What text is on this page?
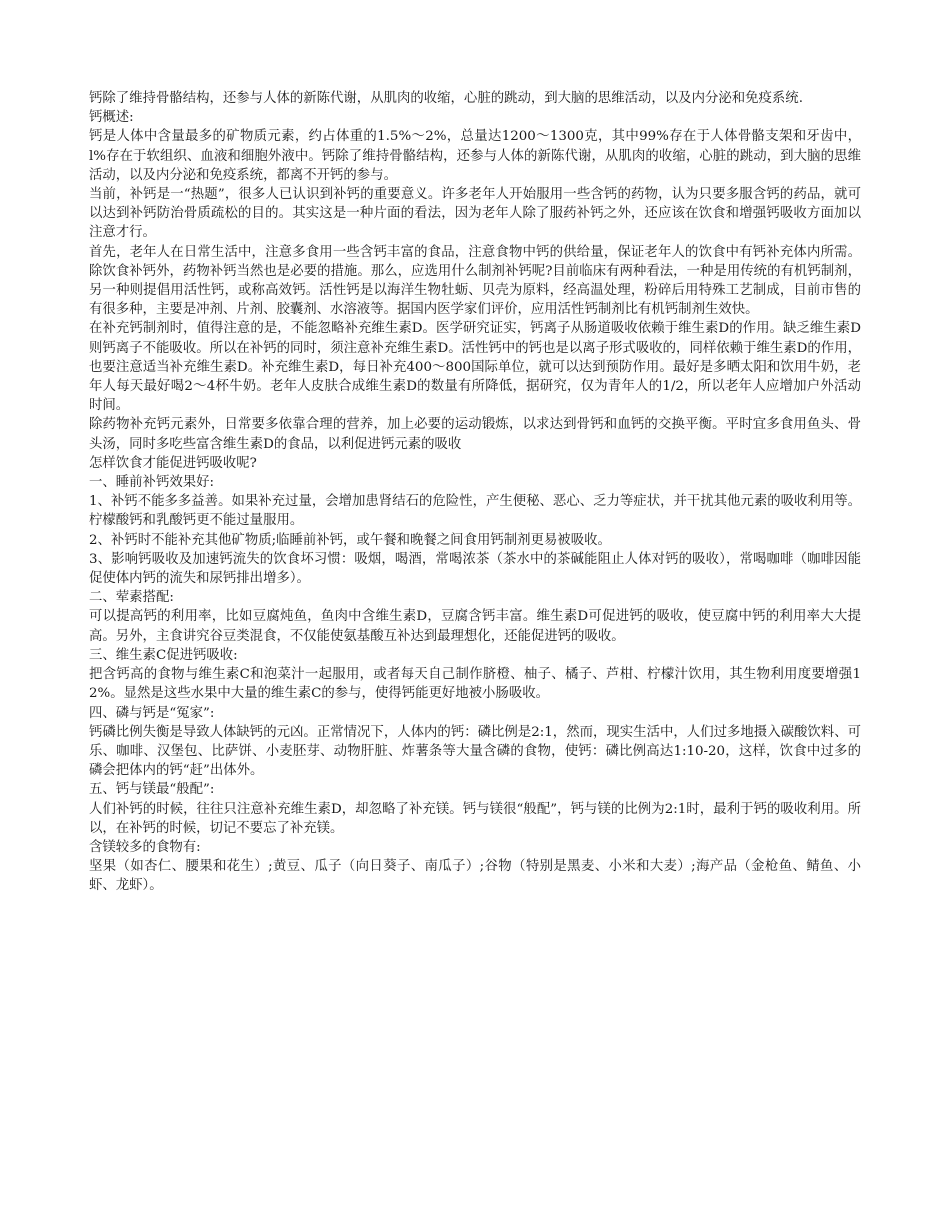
钙除了维持骨骼结构，还参与人体的新陈代谢，从肌肉的收缩，心脏的跳动，到大脑的思维活动，以及内分泌和免疫系统.

钙概述:

钙是人体中含量最多的矿物质元素，约占体重的1.5%～2%，总量达1200～1300克，其中99%存在于人体骨骼支架和牙齿中，l%存在于软组织、血液和细胞外液中。钙除了维持骨骼结构，还参与人体的新陈代谢，从肌肉的收缩，心脏的跳动，到大脑的思维活动，以及内分泌和免疫系统，都离不开钙的参与。

当前，补钙是一“热题”，很多人已认识到补钙的重要意义。许多老年人开始服用一些含钙的药物，认为只要多服含钙的药品，就可以达到补钙防治骨质疏松的目的。其实这是一种片面的看法，因为老年人除了服药补钙之外，还应该在饮食和增强钙吸收方面加以注意才行。

首先，老年人在日常生活中，注意多食用一些含钙丰富的食品，注意食物中钙的供给量，保证老年人的饮食中有钙补充体内所需。除饮食补钙外，药物补钙当然也是必要的措施。那么，应选用什么制剂补钙呢?目前临床有两种看法，一种是用传统的有机钙制剂，另一种则提倡用活性钙，或称高效钙。活性钙是以海洋生物牡蛎、贝壳为原料，经高温处理，粉碎后用特殊工艺制成，目前市售的有很多种，主要是冲剂、片剂、胶囊剂、水溶液等。据国内医学家们评价，应用活性钙制剂比有机钙制剂生效快。

在补充钙制剂时，值得注意的是，不能忽略补充维生素D。医学研究证实，钙离子从肠道吸收依赖于维生素D的作用。缺乏维生素D则钙离子不能吸收。所以在补钙的同时，须注意补充维生素D。活性钙中的钙也是以离子形式吸收的，同样依赖于维生素D的作用，也要注意适当补充维生素D。补充维生素D，每日补充400～800国际单位，就可以达到预防作用。最好是多晒太阳和饮用牛奶，老年人每天最好喝2～4杯牛奶。老年人皮肤合成维生素D的数量有所降低，据研究，仅为青年人的1/2，所以老年人应增加户外活动时间。

除药物补充钙元素外，日常要多依靠合理的营养，加上必要的运动锻炼，以求达到骨钙和血钙的交换平衡。平时宜多食用鱼头、骨头汤，同时多吃些富含维生素D的食品，以利促进钙元素的吸收

怎样饮食才能促进钙吸收呢?

一、睡前补钙效果好:

1、补钙不能多多益善。如果补充过量，会增加患肾结石的危险性，产生便秘、恶心、乏力等症状，并干扰其他元素的吸收利用等。柠檬酸钙和乳酸钙更不能过量服用。

2、补钙时不能补充其他矿物质;临睡前补钙，或午餐和晚餐之间食用钙制剂更易被吸收。

3、影响钙吸收及加速钙流失的饮食坏习惯：吸烟，喝酒，常喝浓茶（茶水中的茶碱能阻止人体对钙的吸收），常喝咖啡（咖啡因能促使体内钙的流失和尿钙排出增多）。

二、荤素搭配:

可以提高钙的利用率，比如豆腐炖鱼，鱼肉中含维生素D，豆腐含钙丰富。维生素D可促进钙的吸收，使豆腐中钙的利用率大大提高。另外，主食讲究谷豆类混食，不仅能使氨基酸互补达到最理想化，还能促进钙的吸收。

三、维生素C促进钙吸收:

把含钙高的食物与维生素C和泡菜汁一起服用，或者每天自己制作脐橙、柚子、橘子、芦柑、柠檬汁饮用，其生物利用度要增强12%。显然是这些水果中大量的维生素C的参与，使得钙能更好地被小肠吸收。

四、磷与钙是“冤家”:

钙磷比例失衡是导致人体缺钙的元凶。正常情况下，人体内的钙：磷比例是2:1，然而，现实生活中，人们过多地摄入碳酸饮料、可乐、咖啡、汉堡包、比萨饼、小麦胚芽、动物肝脏、炸薯条等大量含磷的食物，使钙：磷比例高达1:10-20，这样，饮食中过多的磷会把体内的钙“赶”出体外。

五、钙与镁最“般配”:

人们补钙的时候，往往只注意补充维生素D，却忽略了补充镁。钙与镁很“般配”，钙与镁的比例为2:1时，最利于钙的吸收利用。所以，在补钙的时候，切记不要忘了补充镁。

含镁较多的食物有:

坚果（如杏仁、腰果和花生）;黄豆、瓜子（向日葵子、南瓜子）;谷物（特别是黑麦、小米和大麦）;海产品（金枪鱼、鲭鱼、小虾、龙虾）。
